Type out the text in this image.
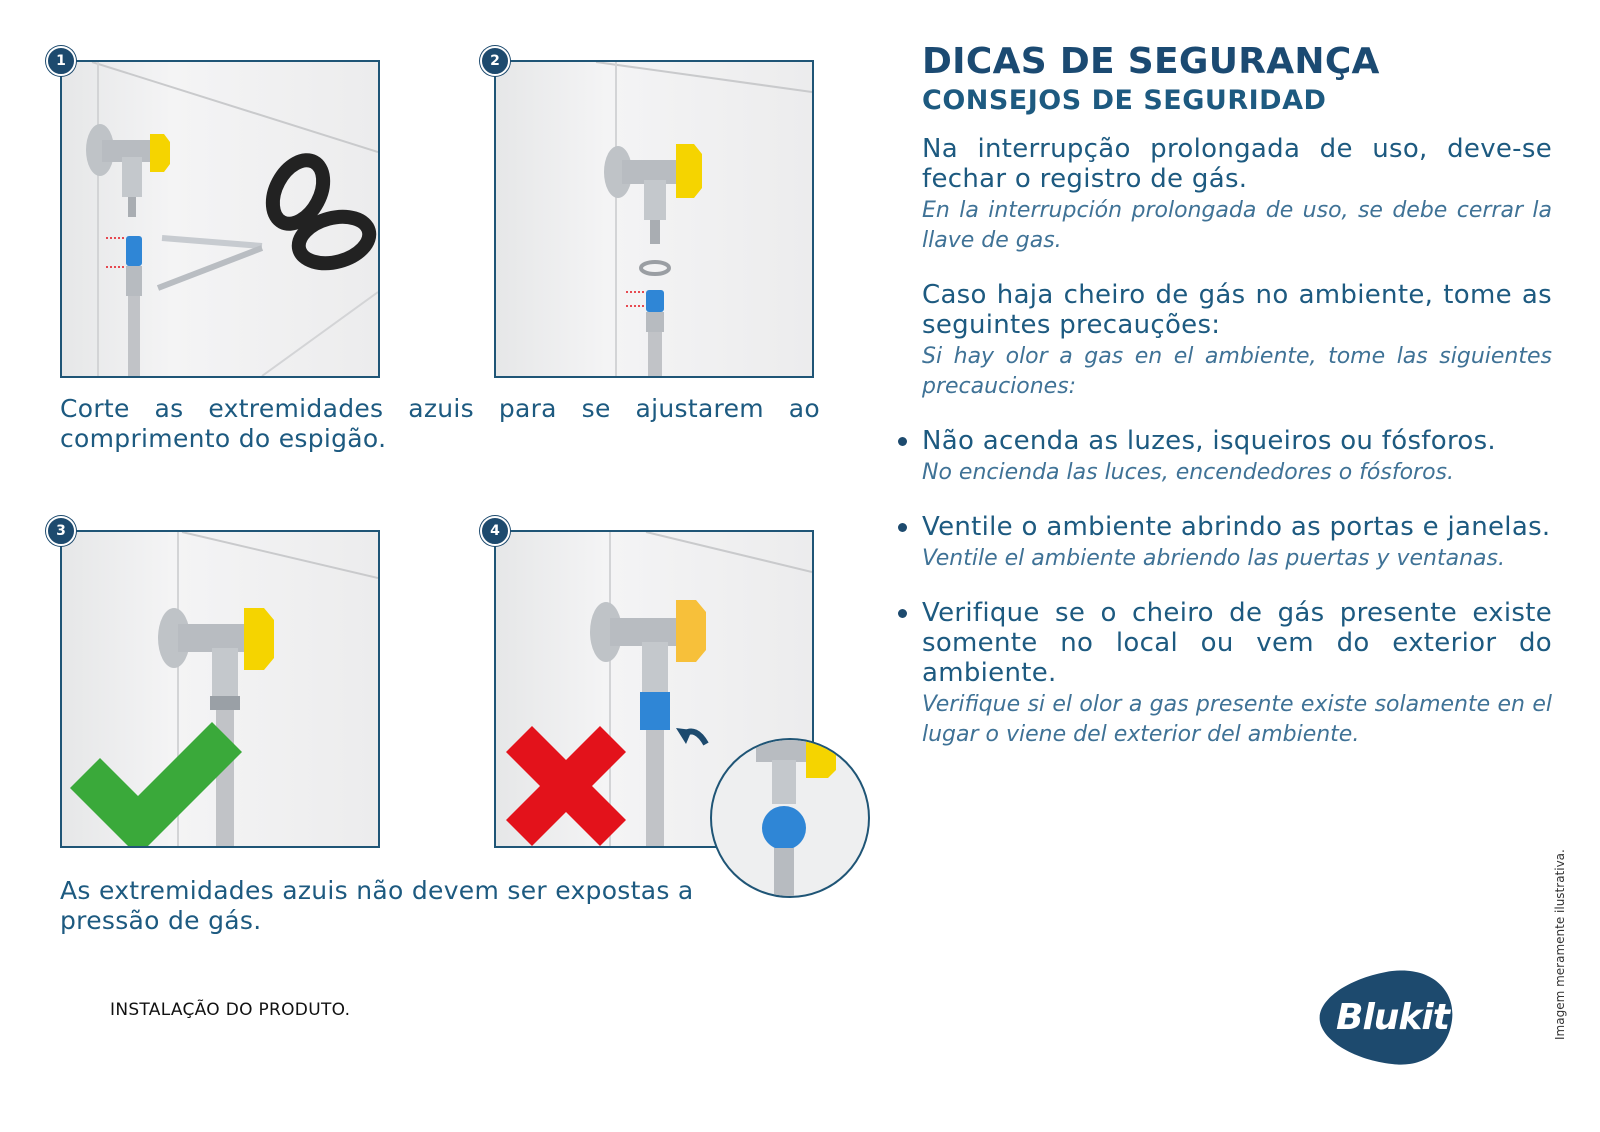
1	2
Corte as extremidades azuis para se ajustarem ao comprimento do espigão.
3	4
As extremidades azuis não devem ser expostas a pressão de gás.
INSTALAÇÃO DO PRODUTO.
DICAS DE SEGURANÇA
CONSEJOS DE SEGURIDAD

Na interrupção prolongada de uso, deve-se fechar o registro de gás.

En la interrupción prolongada de uso, se debe cerrar la llave de gas.

Caso haja cheiro de gás no ambiente, tome as seguintes precauções:

Si hay olor a gas en el ambiente, tome las siguientes precauciones:

Não acenda as luzes, isqueiros ou fósforos.

No encienda las luces, encendedores o fósforos.

Ventile o ambiente abrindo as portas e janelas.

Ventile el ambiente abriendo las puertas y ventanas.

Verifique se o cheiro de gás presente existe somente no local ou vem do exterior do ambiente.

Verifique si el olor a gas presente existe solamente en el lugar o viene del exterior del ambiente.

Imagem meramente ilustrativa.
Blukit
